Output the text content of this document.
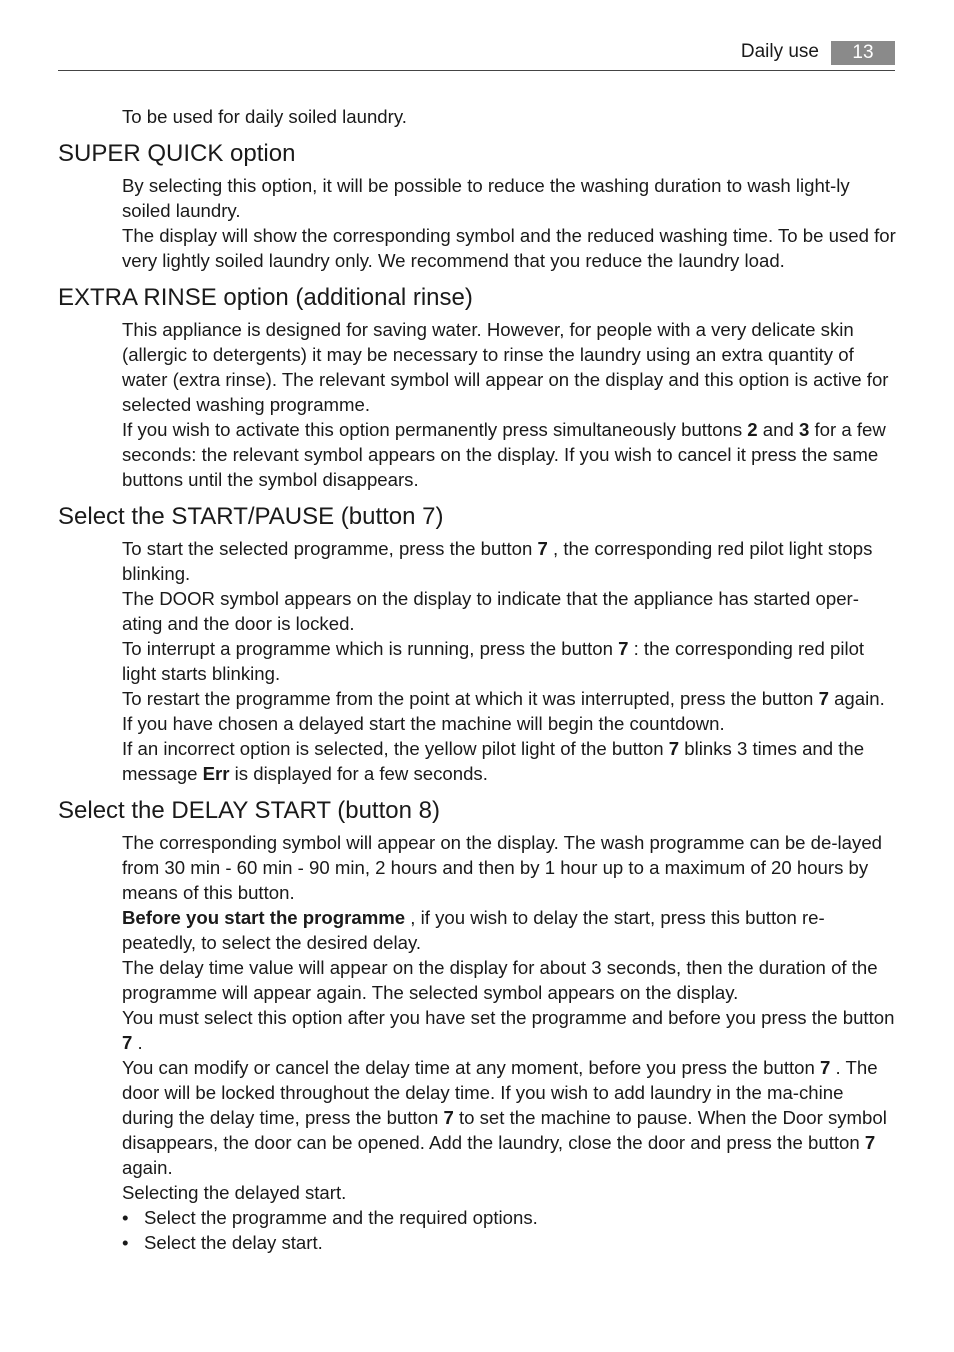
Daily use	13

To be used for daily soiled laundry.

SUPER QUICK option

By selecting this option, it will be possible to reduce the washing duration to wash light-ly soiled laundry.

The display will show the corresponding symbol and the reduced washing time. To be used for very lightly soiled laundry only. We recommend that you reduce the laundry load.

EXTRA RINSE option (additional rinse)

This appliance is designed for saving water. However, for people with a very delicate skin (allergic to detergents) it may be necessary to rinse the laundry using an extra quantity of water (extra rinse). The relevant symbol will appear on the display and this option is active for selected washing programme.

If you wish to activate this option permanently press simultaneously buttons 2 and 3 for a few seconds: the relevant symbol appears on the display. If you wish to cancel it press the same buttons until the symbol disappears.

Select the START/PAUSE (button 7)

To start the selected programme, press the button 7 , the corresponding red pilot light stops blinking.

The DOOR symbol appears on the display to indicate that the appliance has started oper-ating and the door is locked.

To interrupt a programme which is running, press the button 7 : the corresponding red pilot light starts blinking.

To restart the programme from the point at which it was interrupted, press the button 7 again. If you have chosen a delayed start the machine will begin the countdown.

If an incorrect option is selected, the yellow pilot light of the button 7 blinks 3 times and the message Err is displayed for a few seconds.

Select the DELAY START (button 8)

The corresponding symbol will appear on the display. The wash programme can be de-layed from 30 min - 60 min - 90 min, 2 hours and then by 1 hour up to a maximum of 20 hours by means of this button.

Before you start the programme , if you wish to delay the start, press this button re-peatedly, to select the desired delay.

The delay time value will appear on the display for about 3 seconds, then the duration of the programme will appear again. The selected symbol appears on the display.

You must select this option after you have set the programme and before you press the button 7 .

You can modify or cancel the delay time at any moment, before you press the button 7 . The door will be locked throughout the delay time. If you wish to add laundry in the ma-chine during the delay time, press the button 7 to set the machine to pause. When the Door symbol disappears, the door can be opened. Add the laundry, close the door and press the button 7 again.

Selecting the delayed start.

• Select the programme and the required options.
• Select the delay start.
